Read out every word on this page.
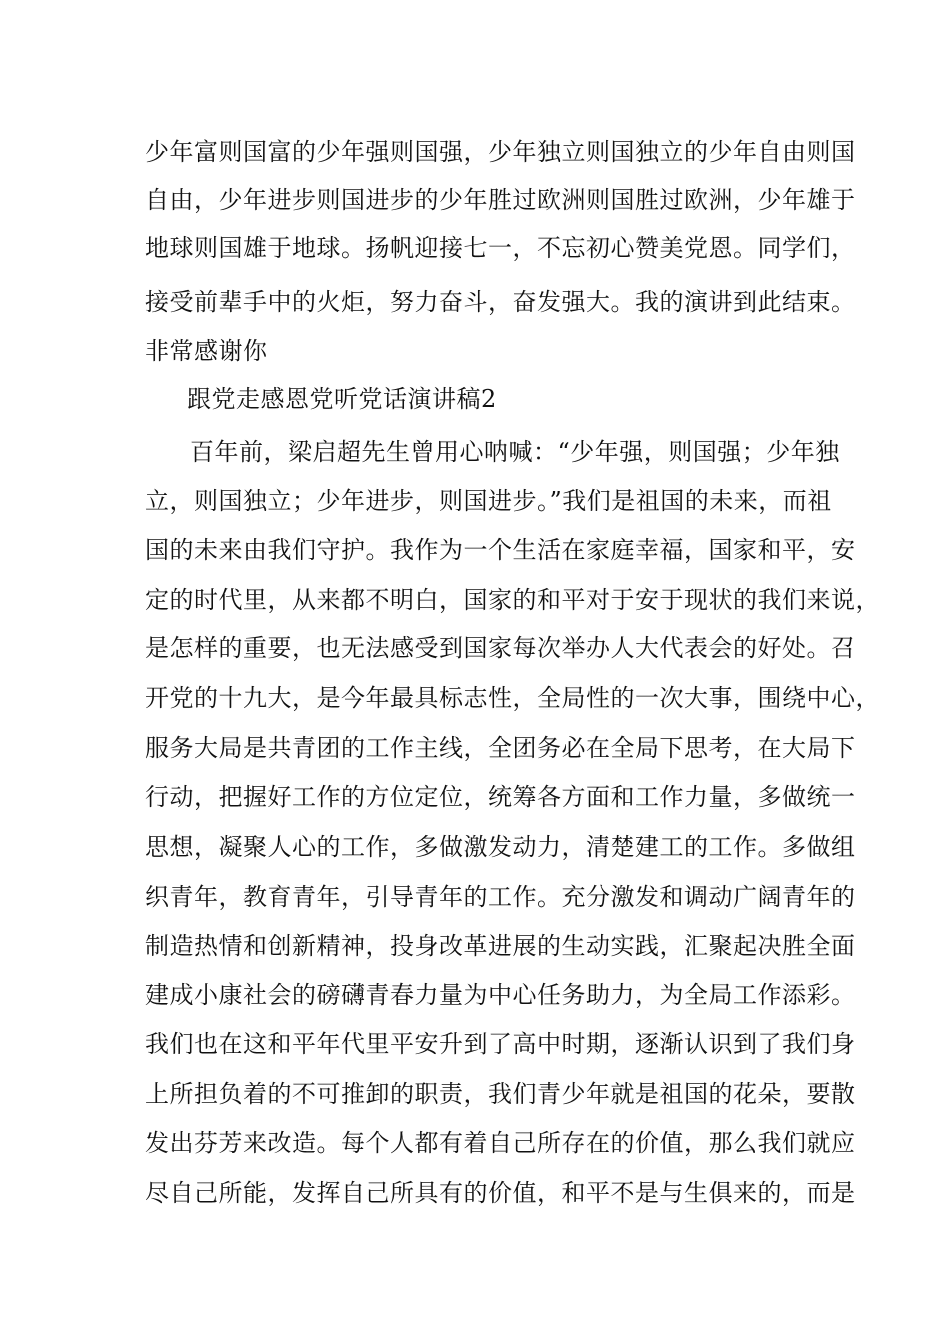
少年富则国富的少年强则国强，少年独立则国独立的少年自由则国
自由，少年进步则国进步的少年胜过欧洲则国胜过欧洲，少年雄于
地球则国雄于地球。扬帆迎接七一，不忘初心赞美党恩。同学们，
接受前辈手中的火炬，努力奋斗，奋发强大。我的演讲到此结束。
非常感谢你
跟党走感恩党听党话演讲稿2
百年前，梁启超先生曾用心呐喊：“少年强，则国强；少年独
立，则国独立；少年进步，则国进步。”我们是祖国的未来，而祖
国的未来由我们守护。我作为一个生活在家庭幸福，国家和平，安
定的时代里，从来都不明白，国家的和平对于安于现状的我们来说，
是怎样的重要，也无法感受到国家每次举办人大代表会的好处。召
开党的十九大，是今年最具标志性，全局性的一次大事，围绕中心，
服务大局是共青团的工作主线，全团务必在全局下思考，在大局下
行动，把握好工作的方位定位，统筹各方面和工作力量，多做统一
思想，凝聚人心的工作，多做激发动力，清楚建工的工作。多做组
织青年，教育青年，引导青年的工作。充分激发和调动广阔青年的
制造热情和创新精神，投身改革进展的生动实践，汇聚起决胜全面
建成小康社会的磅礴青春力量为中心任务助力，为全局工作添彩。
我们也在这和平年代里平安升到了高中时期，逐渐认识到了我们身
上所担负着的不可推卸的职责，我们青少年就是祖国的花朵，要散
发出芬芳来改造。每个人都有着自己所存在的价值，那么我们就应
尽自己所能，发挥自己所具有的价值，和平不是与生俱来的，而是
